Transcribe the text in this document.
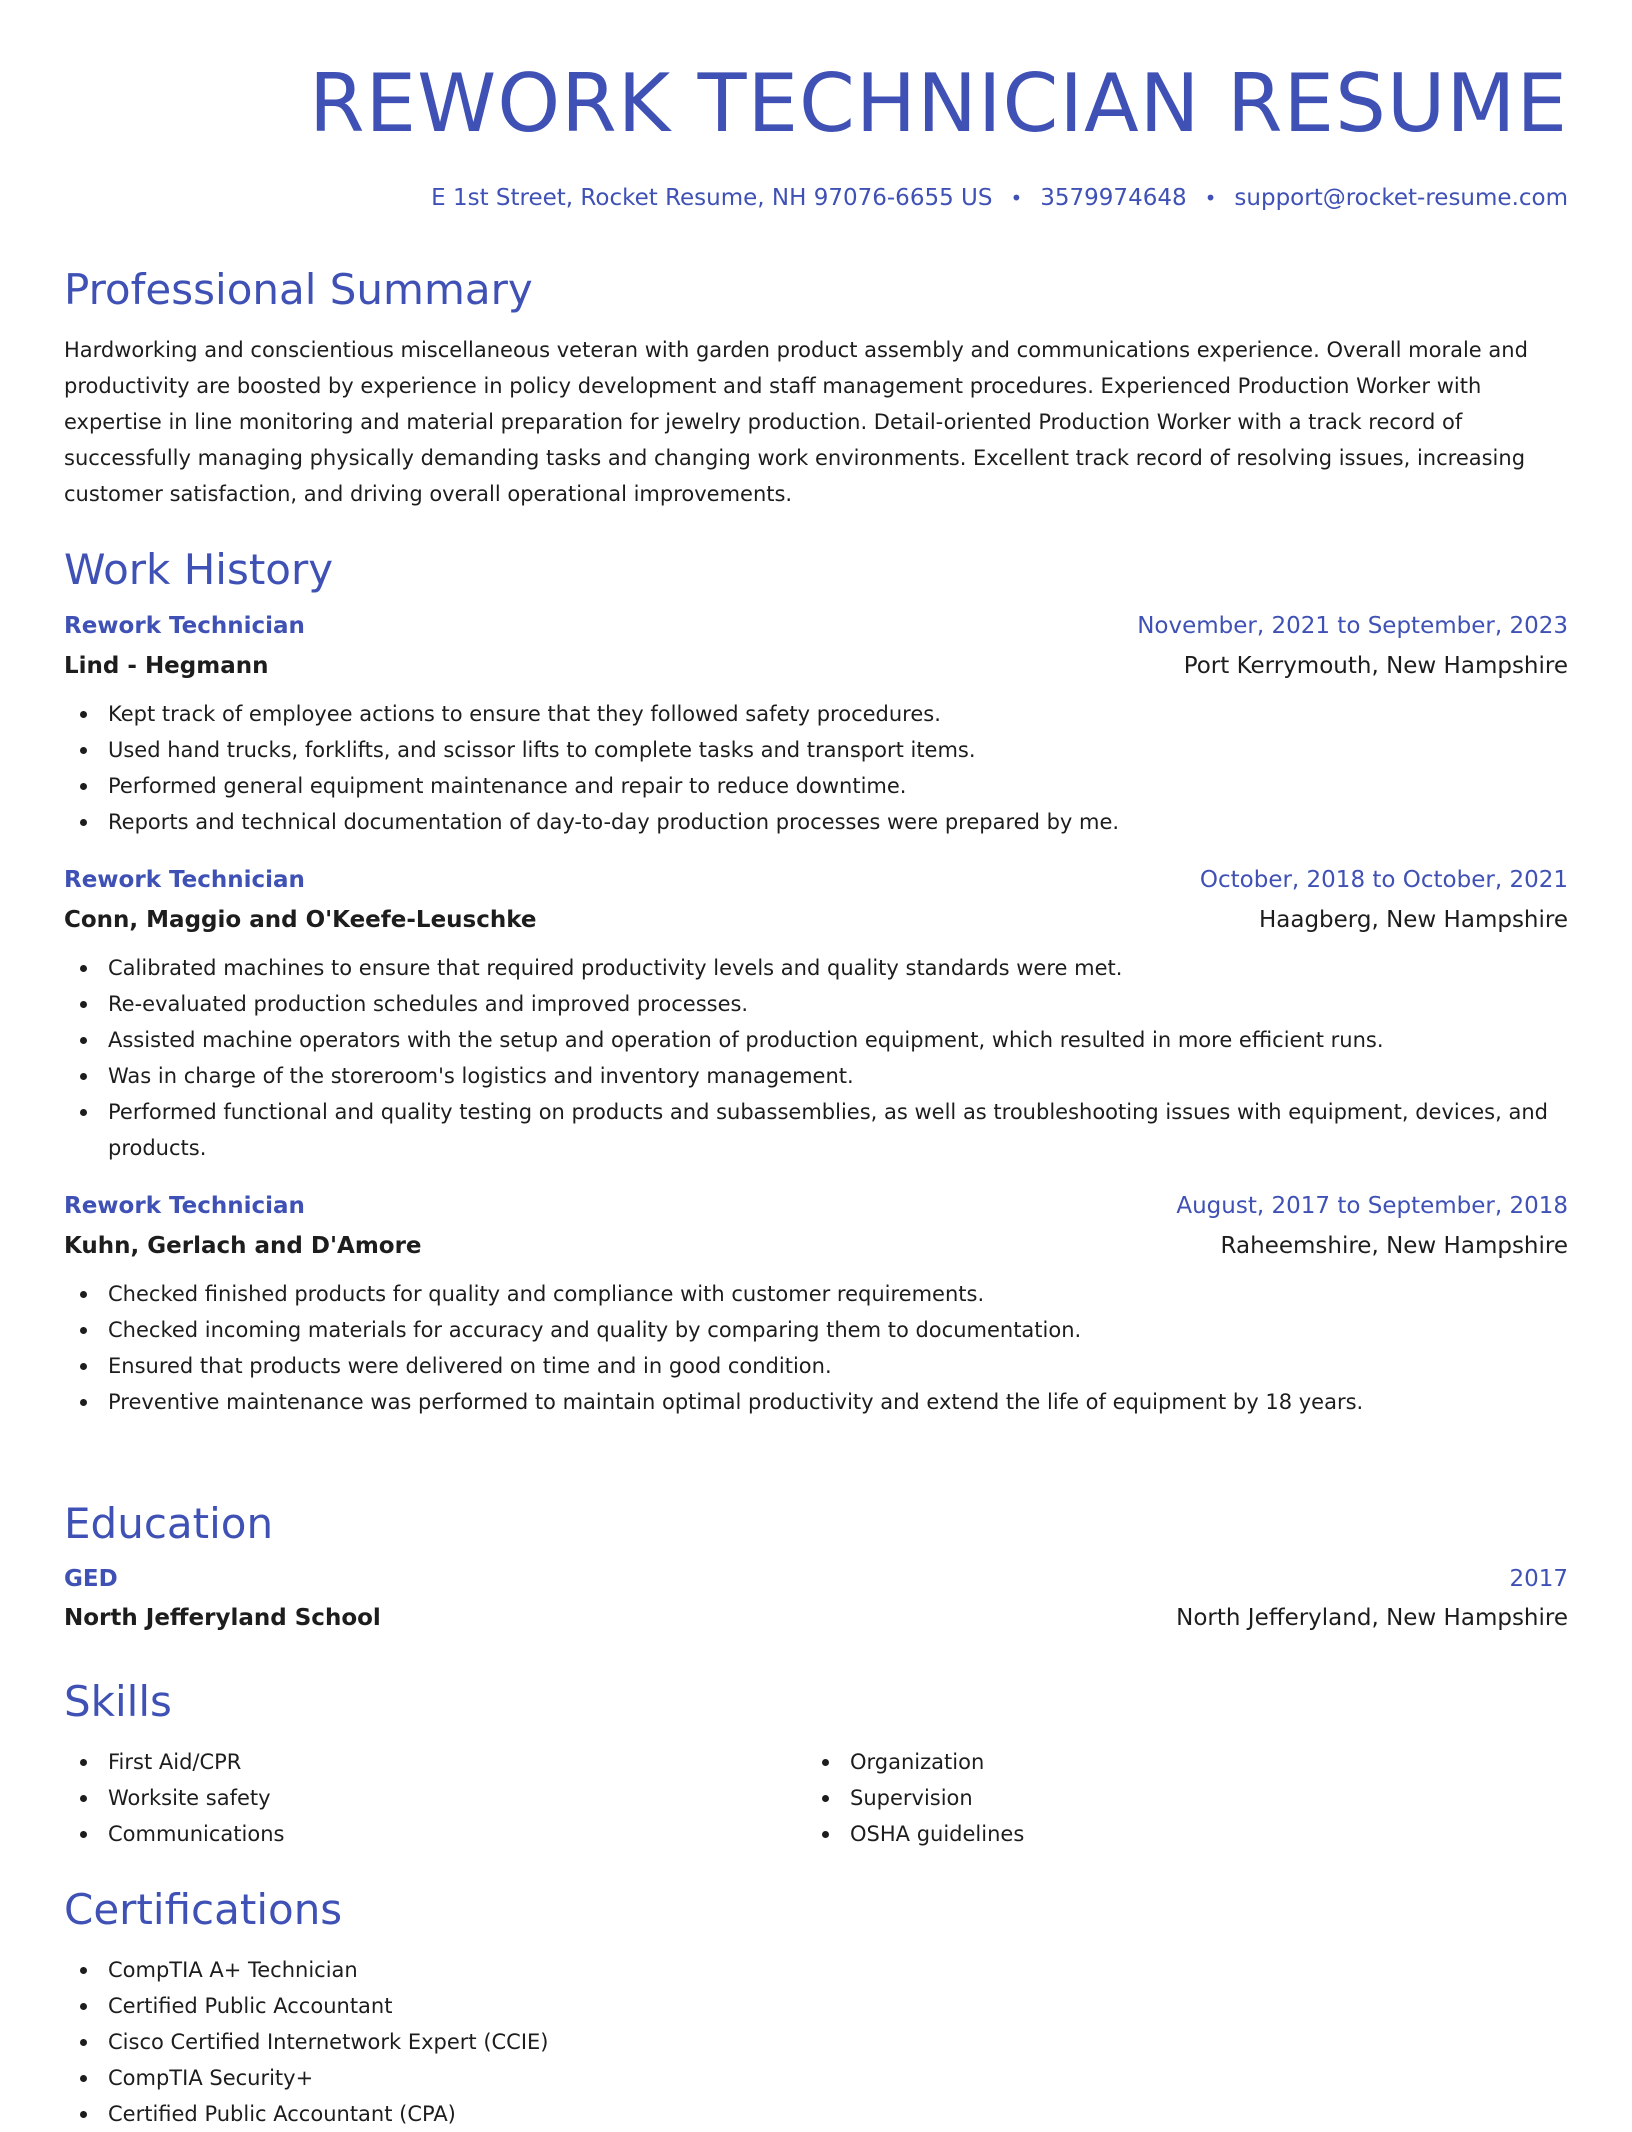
REWORK TECHNICIAN RESUME
E 1st Street, Rocket Resume, NH 97076-6655 US • 3579974648 • support@rocket-resume.com
Professional Summary

Hardworking and conscientious miscellaneous veteran with garden product assembly and communications experience. Overall morale and productivity are boosted by experience in policy development and staff management procedures. Experienced Production Worker with expertise in line monitoring and material preparation for jewelry production. Detail-oriented Production Worker with a track record of successfully managing physically demanding tasks and changing work environments. Excellent track record of resolving issues, increasing customer satisfaction, and driving overall operational improvements.

Work History
Rework Technician	November, 2021 to September, 2023
Lind - Hegmann	Port Kerrymouth, New Hampshire
Kept track of employee actions to ensure that they followed safety procedures.
Used hand trucks, forklifts, and scissor lifts to complete tasks and transport items.
Performed general equipment maintenance and repair to reduce downtime.
Reports and technical documentation of day-to-day production processes were prepared by me.
Rework Technician	October, 2018 to October, 2021
Conn, Maggio and O'Keefe-Leuschke	Haagberg, New Hampshire
Calibrated machines to ensure that required productivity levels and quality standards were met.
Re-evaluated production schedules and improved processes.
Assisted machine operators with the setup and operation of production equipment, which resulted in more efficient runs.
Was in charge of the storeroom's logistics and inventory management.
Performed functional and quality testing on products and subassemblies, as well as troubleshooting issues with equipment, devices, and products.
Rework Technician	August, 2017 to September, 2018
Kuhn, Gerlach and D'Amore	Raheemshire, New Hampshire
Checked finished products for quality and compliance with customer requirements.
Checked incoming materials for accuracy and quality by comparing them to documentation.
Ensured that products were delivered on time and in good condition.
Preventive maintenance was performed to maintain optimal productivity and extend the life of equipment by 18 years.
Education
GED	2017
North Jefferyland School	North Jefferyland, New Hampshire
Skills
First Aid/CPR
Worksite safety
Communications
Organization
Supervision
OSHA guidelines
Certifications
CompTIA A+ Technician
Certified Public Accountant
Cisco Certified Internetwork Expert (CCIE)
CompTIA Security+
Certified Public Accountant (CPA)
